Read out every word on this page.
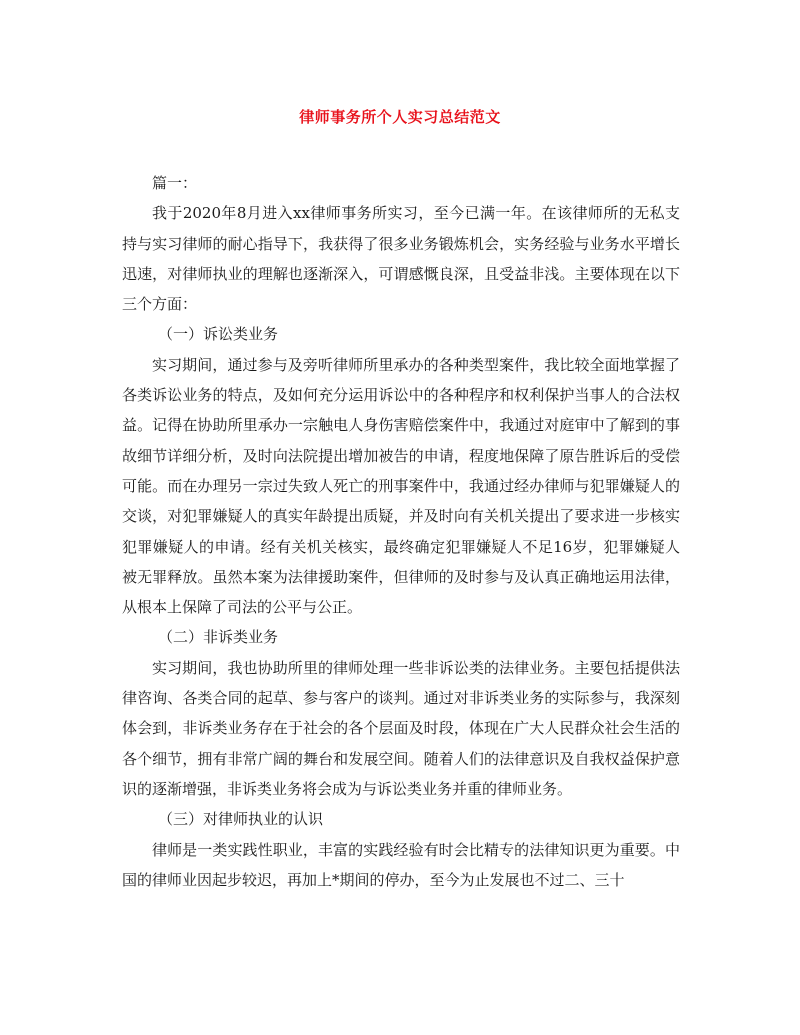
律师事务所个人实习总结范文

篇一：

我于2020年8月进入xx律师事务所实习，至今已满一年。在该律师所的无私支持与实习律师的耐心指导下，我获得了很多业务锻炼机会，实务经验与业务水平增长迅速，对律师执业的理解也逐渐深入，可谓感慨良深，且受益非浅。主要体现在以下三个方面：

（一）诉讼类业务

实习期间，通过参与及旁听律师所里承办的各种类型案件，我比较全面地掌握了各类诉讼业务的特点，及如何充分运用诉讼中的各种程序和权利保护当事人的合法权益。记得在协助所里承办一宗触电人身伤害赔偿案件中，我通过对庭审中了解到的事故细节详细分析，及时向法院提出增加被告的申请，程度地保障了原告胜诉后的受偿可能。而在办理另一宗过失致人死亡的刑事案件中，我通过经办律师与犯罪嫌疑人的交谈，对犯罪嫌疑人的真实年龄提出质疑，并及时向有关机关提出了要求进一步核实犯罪嫌疑人的申请。经有关机关核实，最终确定犯罪嫌疑人不足16岁，犯罪嫌疑人被无罪释放。虽然本案为法律援助案件，但律师的及时参与及认真正确地运用法律，从根本上保障了司法的公平与公正。

（二）非诉类业务

实习期间，我也协助所里的律师处理一些非诉讼类的法律业务。主要包括提供法律咨询、各类合同的起草、参与客户的谈判。通过对非诉类业务的实际参与，我深刻体会到，非诉类业务存在于社会的各个层面及时段，体现在广大人民群众社会生活的各个细节，拥有非常广阔的舞台和发展空间。随着人们的法律意识及自我权益保护意识的逐渐增强，非诉类业务将会成为与诉讼类业务并重的律师业务。

（三）对律师执业的认识

律师是一类实践性职业，丰富的实践经验有时会比精专的法律知识更为重要。中国的律师业因起步较迟，再加上*期间的停办，至今为止发展也不过二、三十
